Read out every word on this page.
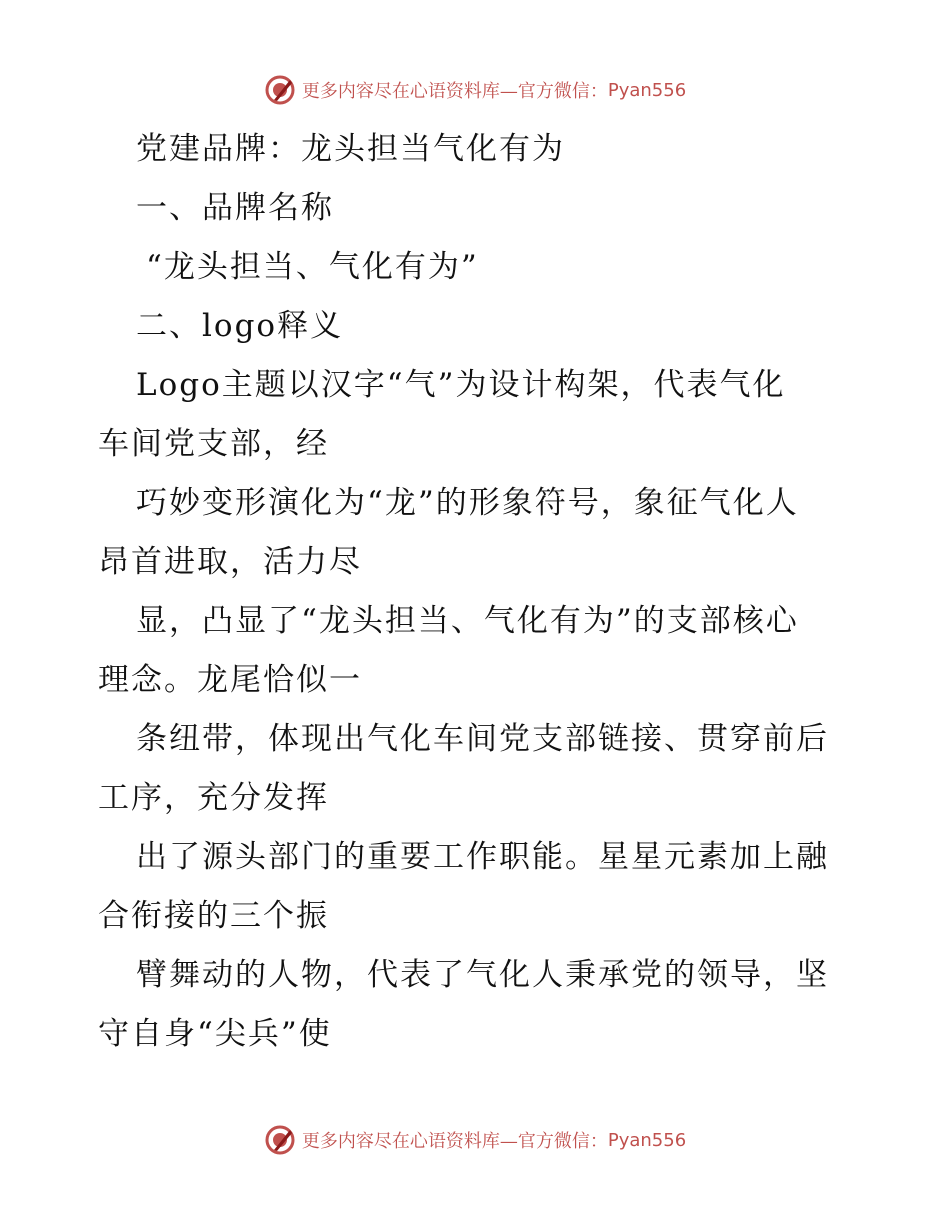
更多内容尽在心语资料库—官方微信： Pyan556
党建品牌：龙头担当气化有为
一、品牌名称
“龙头担当、气化有为”
二、logo释义
Logo主题以汉字“气”为设计构架，代表气化
车间党支部，经
巧妙变形演化为“龙”的形象符号，象征气化人
昂首进取，活力尽
显，凸显了“龙头担当、气化有为”的支部核心
理念。龙尾恰似一
条纽带，体现出气化车间党支部链接、贯穿前后
工序，充分发挥
出了源头部门的重要工作职能。星星元素加上融
合衔接的三个振
臂舞动的人物，代表了气化人秉承党的领导，坚
守自身“尖兵”使
更多内容尽在心语资料库—官方微信： Pyan556
